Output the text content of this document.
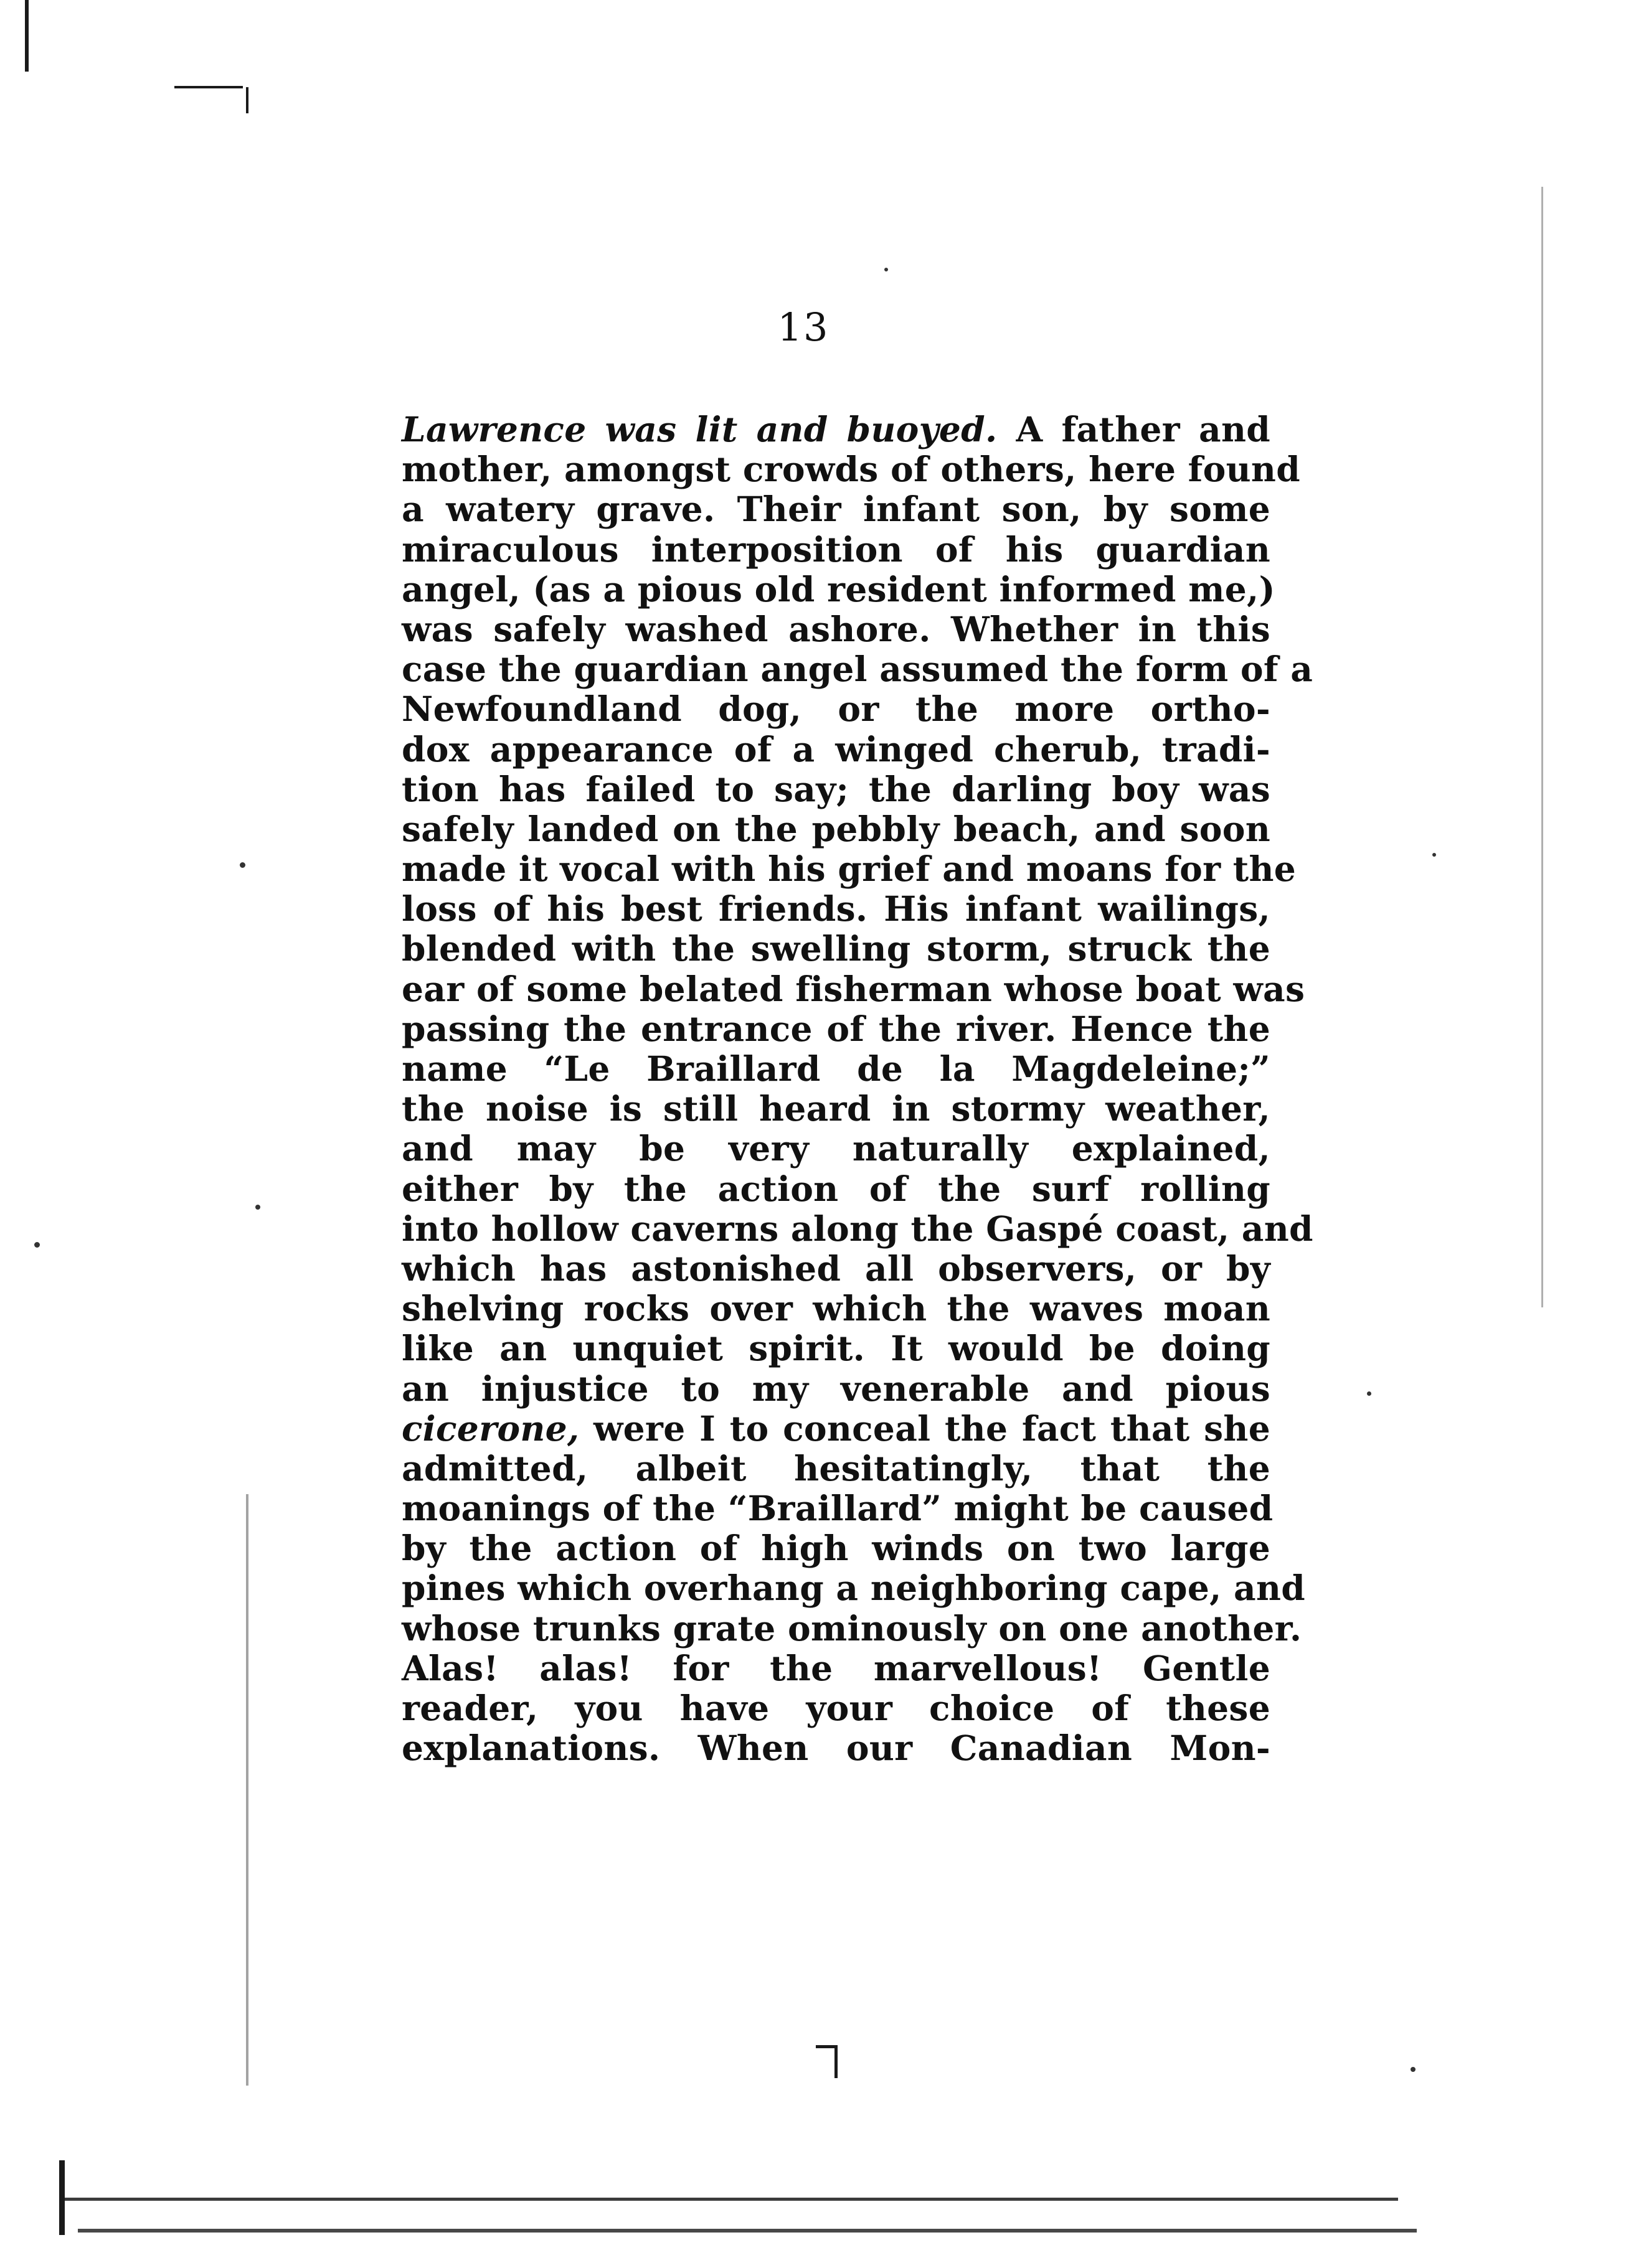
13
Lawrence was lit and buoyed. A father and
mother, amongst crowds of others, here found
a watery grave. Their infant son, by some
miraculous interposition of his guardian
angel, (as a pious old resident informed me,)
was safely washed ashore. Whether in this
case the guardian angel assumed the form of a
Newfoundland dog, or the more ortho-
dox appearance of a winged cherub, tradi-
tion has failed to say; the darling boy was
safely landed on the pebbly beach, and soon
made it vocal with his grief and moans for the
loss of his best friends. His infant wailings,
blended with the swelling storm, struck the
ear of some belated fisherman whose boat was
passing the entrance of the river. Hence the
name “Le Braillard de la Magdeleine;”
the noise is still heard in stormy weather,
and may be very naturally explained,
either by the action of the surf rolling
into hollow caverns along the Gaspé coast, and
which has astonished all observers, or by
shelving rocks over which the waves moan
like an unquiet spirit. It would be doing
an injustice to my venerable and pious
cicerone, were I to conceal the fact that she
admitted, albeit hesitatingly, that the
moanings of the “Braillard” might be caused
by the action of high winds on two large
pines which overhang a neighboring cape, and
whose trunks grate ominously on one another.
Alas! alas! for the marvellous! Gentle
reader, you have your choice of these
explanations. When our Canadian Mon-
